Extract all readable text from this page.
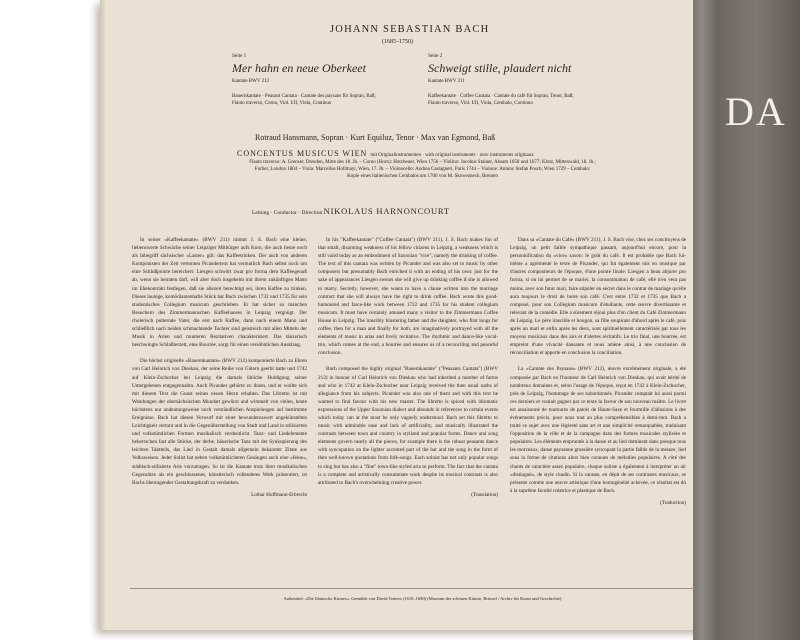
DA
JOHANN SEBASTIAN BACH
(1685–1750)
Seite 1
Mer hahn en neue Oberkeet
Kantate BWV 212
Bauernkantate · Peasant Cantata · Cantate des paysans für Sopran, Baß;
Flauto traverso, Corno, Viol. I/II, Viola, Continuo
Seite 2
Schweigt stille, plaudert nicht
Kantate BWV 211
Kaffeekantate · Coffee Cantata · Cantate du café für Sopran, Tenor, Baß;
Flauto traverso, Viol. I/II, Viola, Cembalo, Continuo
Rotraud Hansmann, Sopran · Kurt Equiluz, Tenor · Max van Egmond, Baß
CONCENTUS MUSICUS WIEN mit Originalinstrumenten · with original instruments · avec instruments originaux
Flauto traverso: A. Grenser, Dresden, Mitte des 18. Jh. – Corno (Horn): Hotcheuer, Wien 1756 – Violino: Jacobus Stainer, Absam 1658 und 1677; Klotz, Mittenwald, 18. Jh.;
Furber, London 1804 – Viola: Marcellus Hollmayr, Wien, 17. Jh. – Violoncello: Andrea Castagneri, Paris 1744 – Violone: Antony Stefan Posch, Wien 1729 – Cembalo:
Kopie eines italienischen Cembalos um 1700 von M. Skowroneck, Bremen
Leitung · Conductor · Direction NIKOLAUS HARNONCOURT

In seiner »Kaffeekantate« (BWV 211) nimmt J. S. Bach eine kleine, liebenswerte Schwäche seiner Leipziger Mitbürger aufs Korn, die auch heute noch als Inbegriff sächsischer »Laster« gilt: das Kaffeetrinken. Der auch von anderen Komponisten der Zeit vertonten Picandertext hat vermutlich Bach selbst noch um eine Schlußpointe bereichert: Liesgen schwört zwar pro forma dem Kaffeegenuß ab, wenn sie heiraten darf, will aber doch insgeheim mit ihrem zukünftigen Mann im Ehekontrakt festlegen, daß sie allezeit berechtigt sei, ihren Kaffee zu trinken. Dieses launige, komödiantenhafte Stück hat Bach zwischen 1732 und 1735 für sein studentisches Collegium musicum geschrieben. Er hat sicher so manchen Besuchern des Zimmermannschen Kaffeehauses in Leipzig vergnügt. Der cholerisch polternde Vater, die erst nach Kaffee, dann nach einem Mann und schließlich nach beiden schmachtende Tochter sind geistreich mit allen Mitteln der Musik in Arien und munteren Rezitativen charakterisiert. Das tänzerisch beschwingte Schlußterzett, eine Bourrée, sorgt für einen versöhnlichen Ausklang.

Die höchst originelle »Bauernkantate« (BWV 212) komponierte Bach zu Ehren von Carl Heinrich von Dieskau, der seine Reihe von Gütern geerbt hatte und 1742 auf Klein-Zschocher bei Leipzig die damals übliche Huldigung seiner Untergebenen entgegennahm. Auch Picander gehörte zu ihnen, und er wollte sich mit diesem Text die Gunst seines neuen Herrn erhalten. Das Libretto ist mit Wendungen der obersächsischen Mundart gewürzt und wimmelt von vielen, heute höchstens nur andeutungsweise noch verständlichen Anspielungen auf bestimmte Ereignisse. Bach hat diesen Vorwurf mit einer bewundernswert ungekünstelten Leichtigkeit vertont und in die Gegenüberstellung von Stadt und Land in stilisierten und volkstümlichen Formen musikalisch verdeutlicht. Tanz- und Liedelemente beherrschen fast alle Stücke, der derbe, bäuerische Tanz mit der Synkopierung des leichten Taktteils, das Lied in Gestalt damals allgemein bekannter Zitate aus Volksweisen. Jeder Solist hat neben volkstümlicheren Gesängen auch eine »feine«, städtisch-stilisierte Arie vorzutragen. So ist die Kantate trotz ihrer musikalischen Gegensätze als ein geschlossenes, künstlerisch vollendetes Werk präsentiert, ist Bachs überragender Gestaltungskraft zu verdanken.

Lothar Hoffmann-Erbrecht

In his "Kaffeekantate" ("Coffee Cantata") (BWV 211), J. S. Bach makes fun of that small, disarming weakness of his fellow citizens in Leipzig, a weakness which is still valid today as an embodiment of Saxonian "vice", namely the drinking of coffee. The text of this cantata was written by Picander and was also set to music by other composers but presumably Bach enriched it with an ending of his own: just for the sake of appearances Liesgen swears she will give up drinking coffee if she is allowed to marry. Secretly, however, she wants to have a clause written into the marriage contract that she will always have the right to drink coffee. Bach wrote this good-humoured and farce-like work between 1732 and 1735 for his student collegium musicum. It must have certainly amused many a visitor to the Zimmermann Coffee House in Leipzig. The irascibly blustering father and the daughter, who first longs for coffee, then for a man and finally for both, are imaginatively portrayed with all the elements of music in arias and lively recitative. The rhythmic and dance-like vocal-trio, which comes at the end, a bourrée and ensures us of a reconciling and peaceful conclusion.

Bach composed the highly original "Bauernkantate" ("Peasants Cantata") (BWV 212) in honour of Carl Heinrich von Dieskau who had inherited a number of farms and who in 1742 at Klein-Zschocher near Leipzig received the then usual oaths of allegiance from his subjects. Picander was also one of them and with this text he wanted to find favour with his new master. The libretto is spiced with idiomatic expressions of the Upper Saxonian dialect and abounds in references to certain events which today can at the most be only vaguely understood. Bach set this libretto to music with admirable ease and lack of artificiality, and musically illustrated the contrasts between town and country in stylized and popular forms. Dance and song elements govern nearly all the pieces, for example there is the robust peasants dance with syncopation on the lighter accented part of the bar and the song in the form of then well-known quotations from folk-songs. Each soloist has not only popular songs to sing but has also a "fine" town-like styled aria to perform. The fact that the cantata is a complete and artistically consummate work despite its musical contrasts is also attributed to Bach's overwhelming creative power.

(Translation)

Dans sa «Cantate du Café» (BWV 211), J. S. Bach vise, chez ses concitoyens de Leipzig, un petit faible sympathique passant, aujourd'hui encore, pour la personnification du «vice» saxon: le goût du café. Il est probable que Bach lui-même a agrémenté le texte de Picander, qui fut également mis en musique par d'autres compositeurs de l'époque, d'une pointe finale: Liesgen a beau abjurer pro forma, si on lui permet de se marier, la consommation de café, elle n'en veut pas moins, avec son futur mari, faire stipuler en secret dans le contrat de mariage qu'elle aura toujours le droit de boire son café. C'est entre 1732 et 1735 que Bach a composé, pour son Collegium musicum d'étudiants, cette œuvre divertissante et relevant de la comédie. Elle a sûrement réjoui plus d'un client du Café Zimmermann de Leipzig. Le père irascible et bougon, sa fille soupirant d'abord après le café, puis après un mari et enfin après les deux, sont spirituellement caractérisés par tous les moyens musicaux dans des airs et d'alertes récitatifs. Le trio final, une bourrée, est empreint d'une vivacité dansante et nous amène ainsi, à une conclusion de réconciliation et apporte en conclusion la conciliation.

La «Cantate des Paysans» (BWV 212), œuvre extrêmement originale, a été composée par Bach en l'honneur de Carl Heinrich von Dieskau, qui avait hérité de nombreux domaines et, selon l'usage de l'époque, reçut en 1742 à Klein-Zschocher, près de Leipzig, l'hommage de ses subordonnés. Picander comptait lui aussi parmi ces derniers et voulait gagner par ce texte la faveur de son nouveau maître. Le livret est assaisonné de tournures de patois de Haute-Saxe et fourmille d'allusions à des événements précis, pour nous tout au plus compréhensibles à demi-mot. Bach a traité ce sujet avec une légèreté sans art et une simplicité remarquables, traduisant l'opposition de la ville et de la campagne dans des formes musicales stylisées et populaires. Les éléments empruntés à la danse et au lied dominent dans presque tous les morceaux, danse paysanne grossière syncopant la partie faible de la mesure, lied sous la forme de citations alors bien connues de mélodies populaires. A côté des chants de caractère assez populaire, chaque soliste a également à interpréter un air «distingué», de style citadin. Si la cantate, en dépit de ses contrastes musicaux, se présente comme une œuvre artistique d'une homogénéité achevée, ce résultat est dû à la suprême faculté créatrice et plastique de Bach.

(Traduction)
Außentitel: »Die flämische Kirmes«, Gemälde von David Teniers (1610–1690) (Museum der schönen Künste, Brüssel / Archiv für Kunst und Geschichte)
